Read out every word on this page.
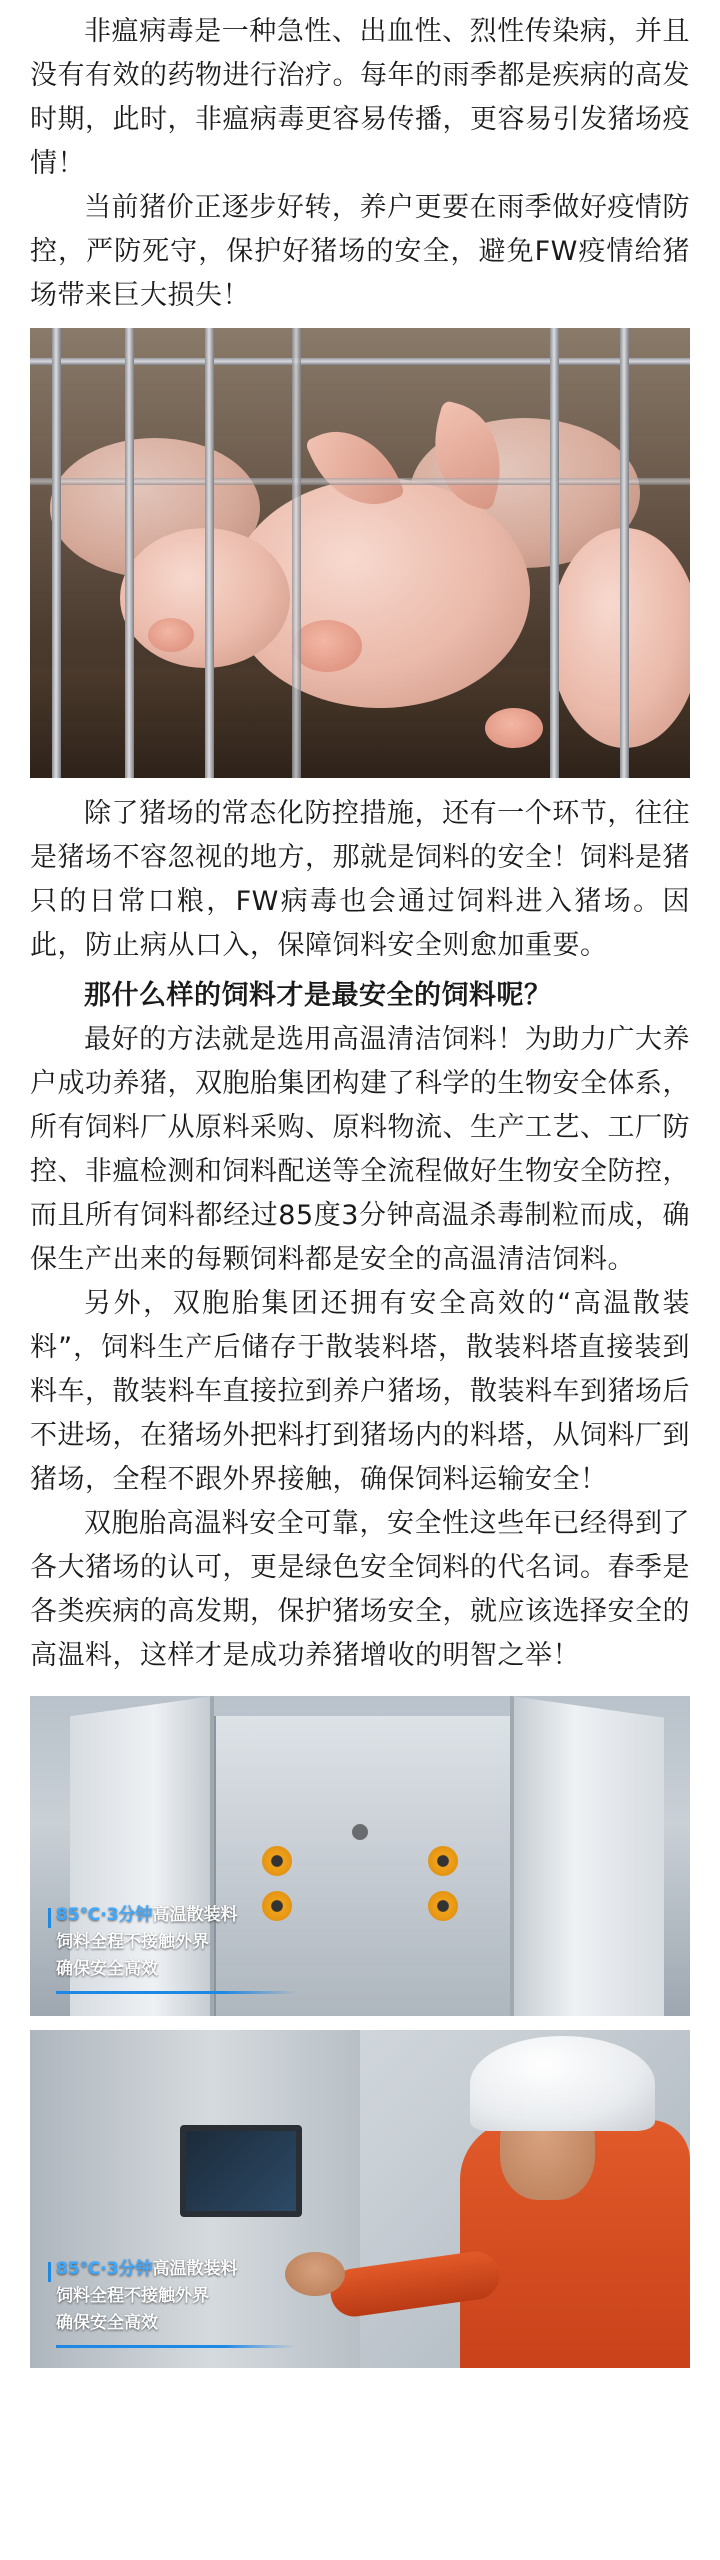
非瘟病毒是一种急性、出血性、烈性传染病，并且没有有效的药物进行治疗。每年的雨季都是疾病的高发时期，此时，非瘟病毒更容易传播，更容易引发猪场疫情！

当前猪价正逐步好转，养户更要在雨季做好疫情防控，严防死守，保护好猪场的安全，避免FW疫情给猪场带来巨大损失！

除了猪场的常态化防控措施，还有一个环节，往往是猪场不容忽视的地方，那就是饲料的安全！饲料是猪只的日常口粮，FW病毒也会通过饲料进入猪场。因此，防止病从口入，保障饲料安全则愈加重要。

那什么样的饲料才是最安全的饲料呢？

最好的方法就是选用高温清洁饲料！为助力广大养户成功养猪，双胞胎集团构建了科学的生物安全体系，所有饲料厂从原料采购、原料物流、生产工艺、工厂防控、非瘟检测和饲料配送等全流程做好生物安全防控，而且所有饲料都经过85度3分钟高温杀毒制粒而成，确保生产出来的每颗饲料都是安全的高温清洁饲料。

另外，双胞胎集团还拥有安全高效的“高温散装料”，饲料生产后储存于散装料塔，散装料塔直接装到料车，散装料车直接拉到养户猪场，散装料车到猪场后不进场，在猪场外把料打到猪场内的料塔，从饲料厂到猪场，全程不跟外界接触，确保饲料运输安全！

双胞胎高温料安全可靠，安全性这些年已经得到了各大猪场的认可，更是绿色安全饲料的代名词。春季是各类疾病的高发期，保护猪场安全，就应该选择安全的高温料，这样才是成功养猪增收的明智之举！

85℃·3分钟高温散装料
饲料全程不接触外界
确保安全高效
85℃·3分钟高温散装料
饲料全程不接触外界
确保安全高效
